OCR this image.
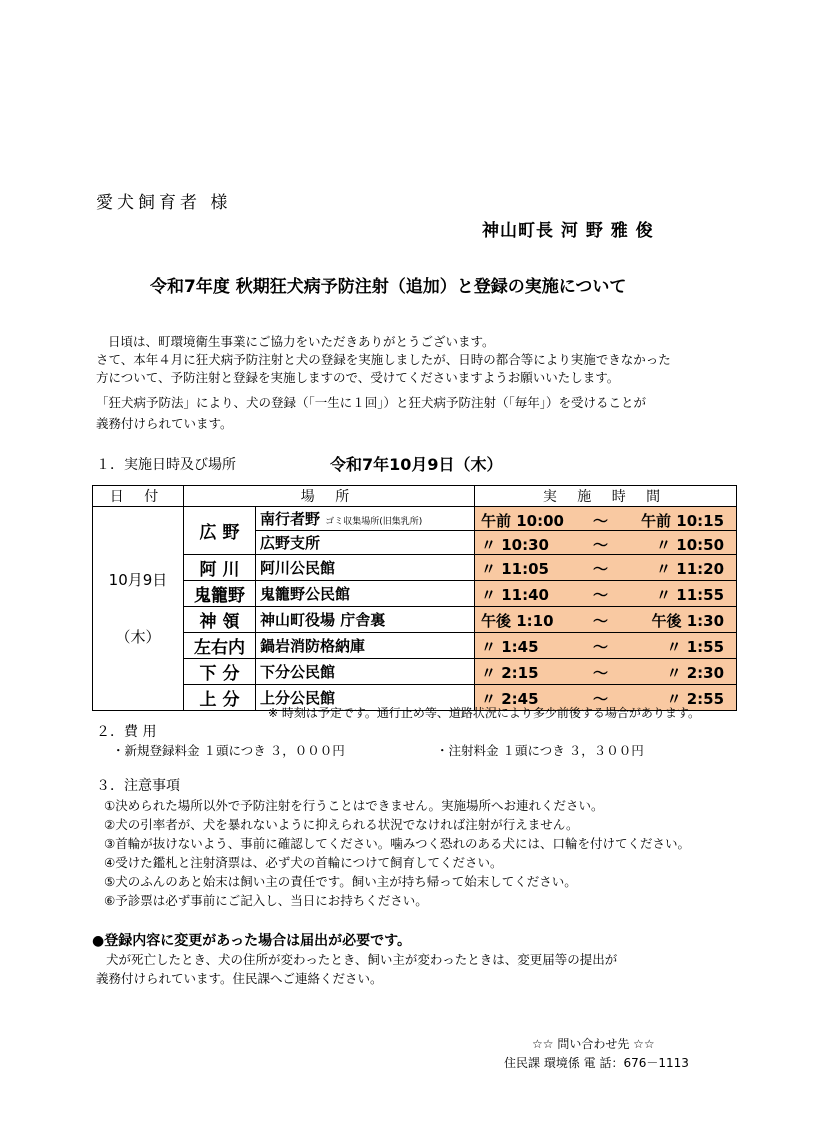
愛犬飼育者 様
神山町長 河 野 雅 俊
令和7年度 秋期狂犬病予防注射（追加）と登録の実施について
日頃は、町環境衛生事業にご協力をいただきありがとうございます。
さて、本年４月に狂犬病予防注射と犬の登録を実施しましたが、日時の都合等により実施できなかった
方について、予防注射と登録を実施しますので、受けてくださいますようお願いいたします。
「狂犬病予防法」により、犬の登録（「一生に１回」）と狂犬病予防注射（「毎年」）を受けることが
義務付けられています。
１．実施日時及び場所	令和7年10月9日（木）
日 付	場 所		実 施 時 間
10月9日

（木）	広 野	南行者野 ゴミ収集場所(旧集乳所)	午前 10:00 ～ 午前 10:15

		広野支所	〃 10:30 ～ 〃 10:50

	阿 川	阿川公民館	〃 11:05 ～ 〃 11:20

	鬼籠野	鬼籠野公民館	〃 11:40 ～ 〃 11:55

	神 領	神山町役場 庁舎裏	午後 1:10 ～ 午後 1:30

	左右内	鍋岩消防格納庫	〃 1:45 ～ 〃 1:55

	下 分	下分公民館	〃 2:15 ～ 〃 2:30

	上 分	上分公民館	〃 2:45 ～ 〃 2:55
※ 時刻は予定です。通行止め等、道路状況により多少前後する場合があります。
２．費 用
・新規登録料金 １頭につき ３，０００円	・注射料金 １頭につき ３，３００円
３．注意事項
①決められた場所以外で予防注射を行うことはできません。実施場所へお連れください。
②犬の引率者が、犬を暴れないように抑えられる状況でなければ注射が行えません。
③首輪が抜けないよう、事前に確認してください。噛みつく恐れのある犬には、口輪を付けてください。
④受けた鑑札と注射済票は、必ず犬の首輪につけて飼育してください。
⑤犬のふんのあと始末は飼い主の責任です。飼い主が持ち帰って始末してください。
⑥予診票は必ず事前にご記入し、当日にお持ちください。
●登録内容に変更があった場合は届出が必要です。
犬が死亡したとき、犬の住所が変わったとき、飼い主が変わったときは、変更届等の提出が
義務付けられています。住民課へご連絡ください。
☆☆ 問い合わせ先 ☆☆
住民課 環境係 電 話：676－1113
